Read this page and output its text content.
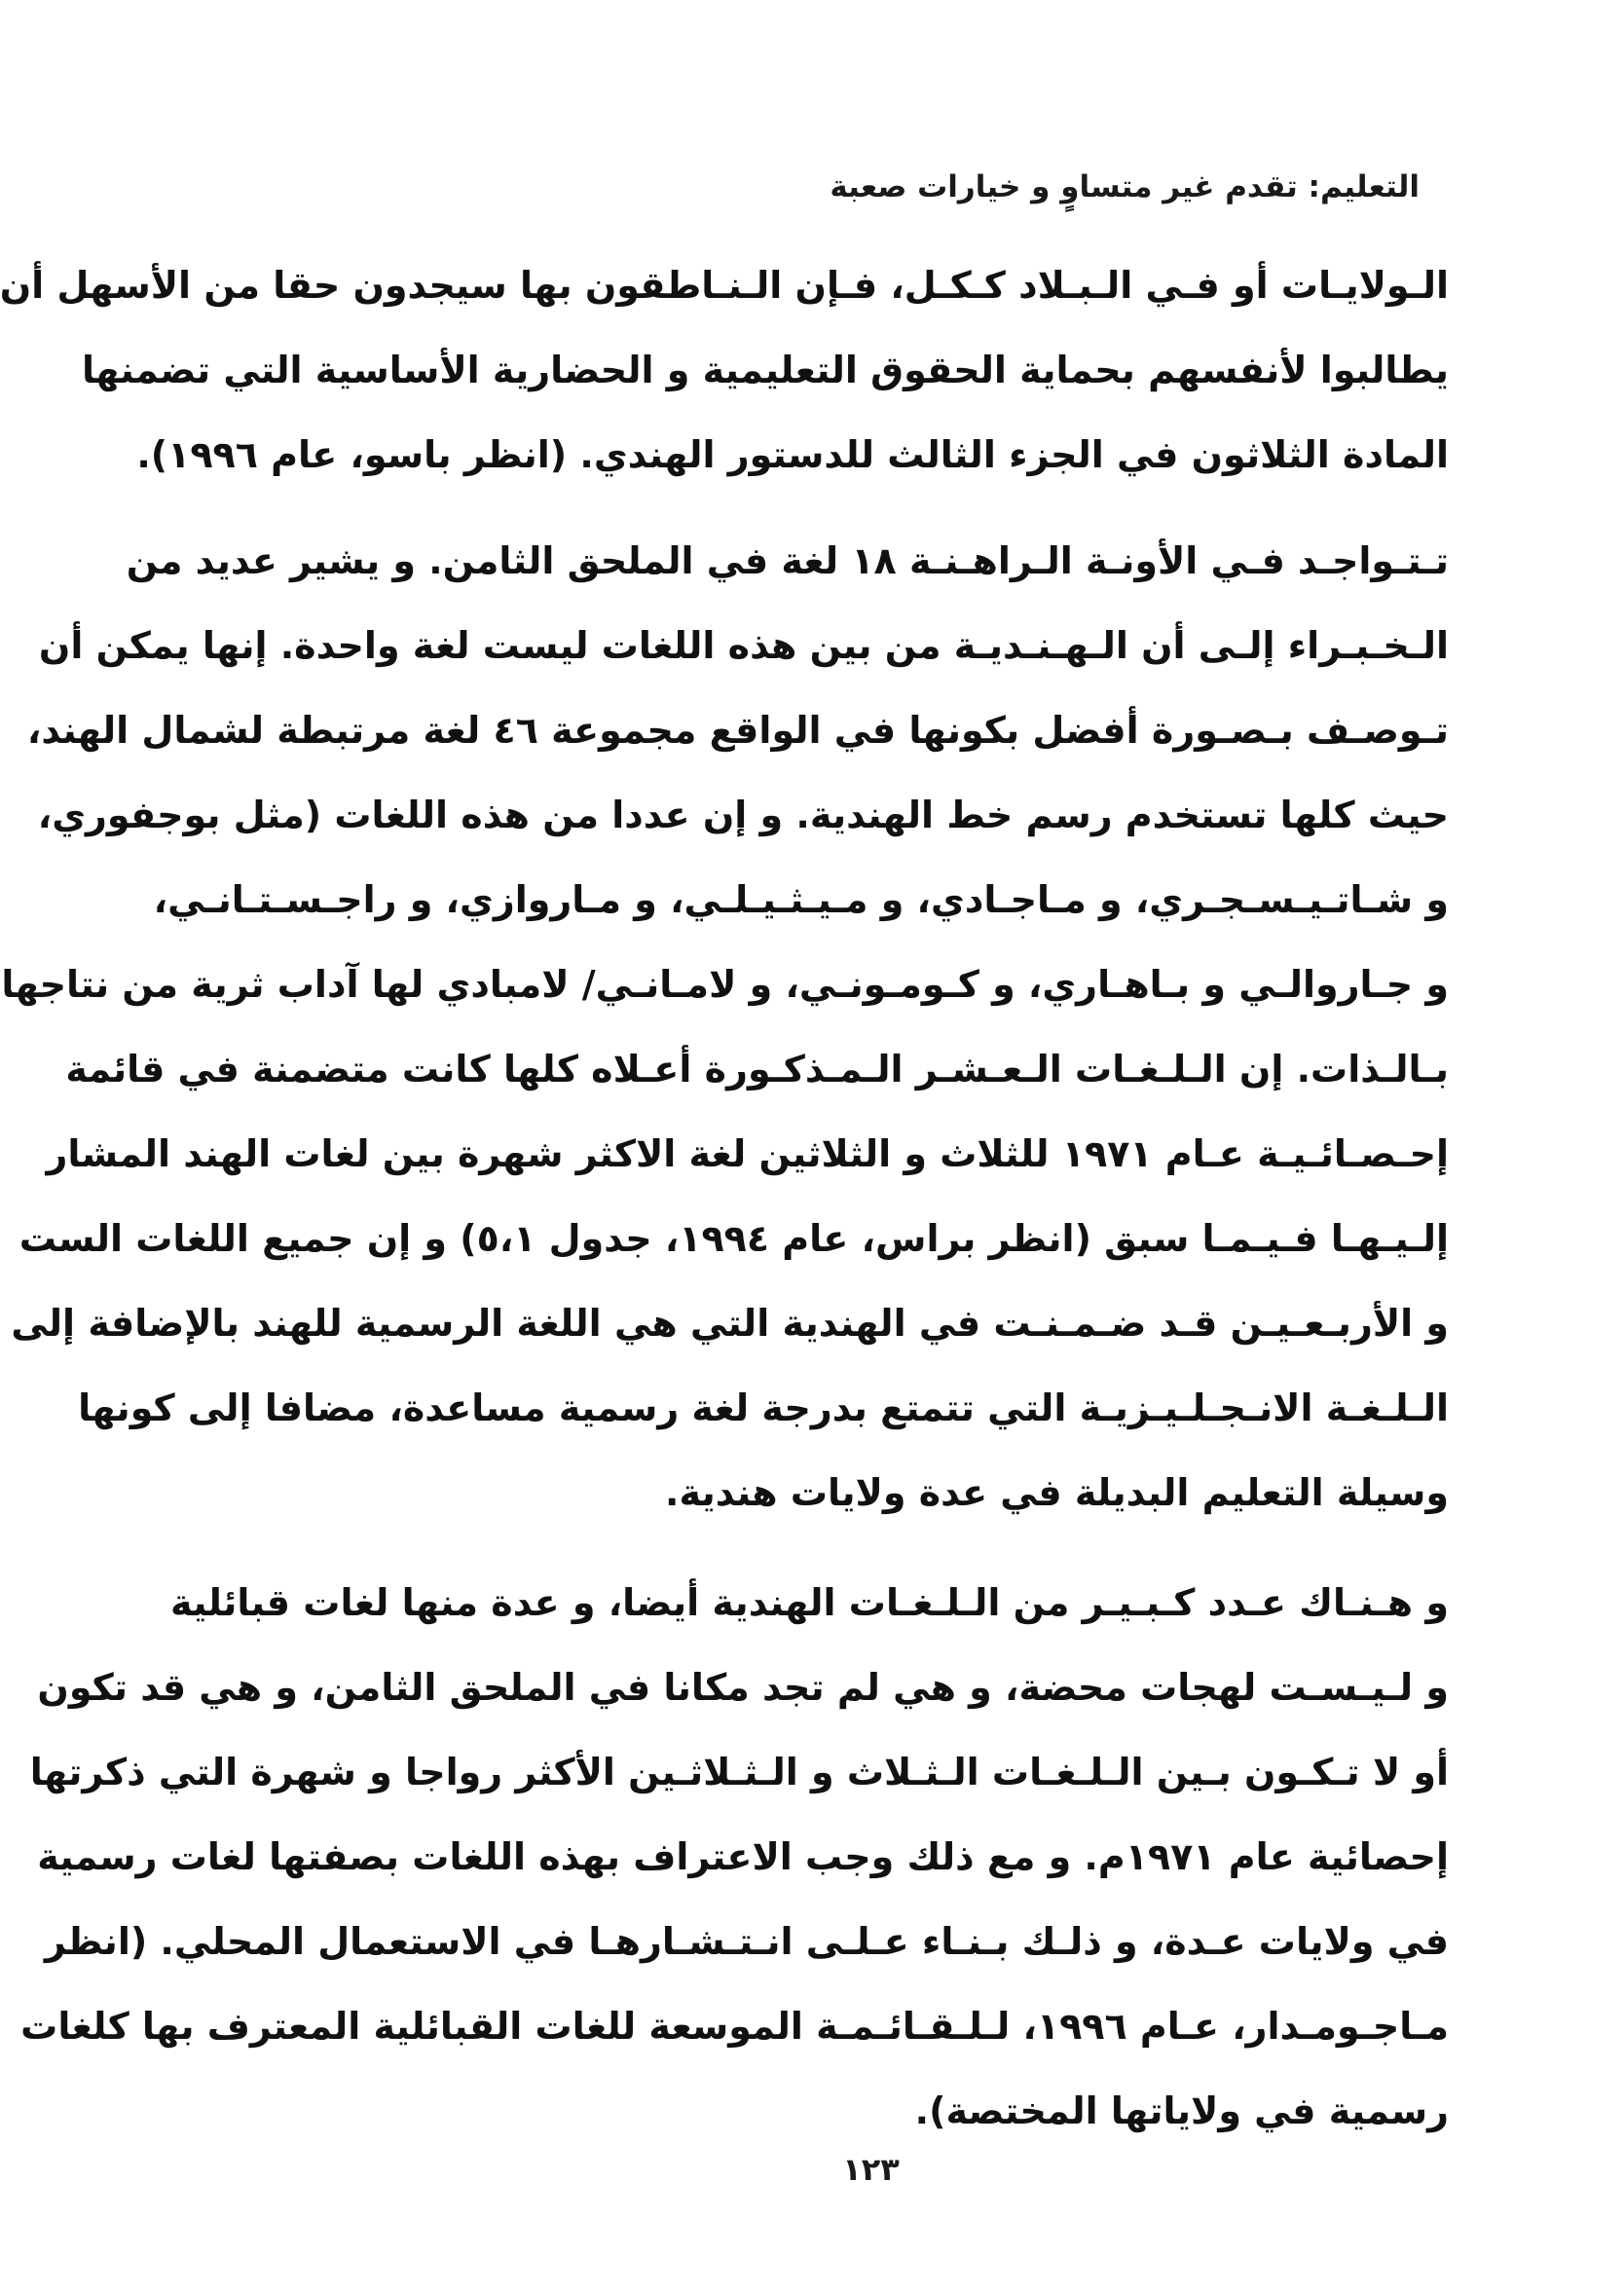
التعليم: تقدم غير متساوٍ و خيارات صعبة
الـولايـات أو فـي الـبـلاد كـكـل، فـإن الـنـاطقون بها سيجدون حقا من الأسهل أن
يطالبوا لأنفسهم بحماية الحقوق التعليمية و الحضارية الأساسية التي تضمنها
المادة الثلاثون في الجزء الثالث للدستور الهندي. (انظر باسو، عام ١٩٩٦).
تـتـواجـد فـي الأونـة الـراهـنـة ١٨ لغة في الملحق الثامن. و يشير عديد من
الـخـبـراء إلـى أن الـهـنـديـة من بين هذه اللغات ليست لغة واحدة. إنها يمكن أن
تـوصـف بـصـورة أفضل بكونها في الواقع مجموعة ٤٦ لغة مرتبطة لشمال الهند،
حيث كلها تستخدم رسم خط الهندية. و إن عددا من هذه اللغات (مثل بوجفوري،
و شـاتـيـسـجـري، و مـاجـادي، و مـيـثـيـلـي، و مـاروازي، و راجـسـتـانـي،
و جـاروالـي و بـاهـاري، و كـومـونـي، و لامـانـي/ لامبادي لها آداب ثرية من نتاجها
بـالـذات. إن الـلـغـات الـعـشـر الـمـذكـورة أعـلاه كلها كانت متضمنة في قائمة
إحـصـائـيـة عـام ١٩٧١ للثلاث و الثلاثين لغة الاكثر شهرة بين لغات الهند المشار
إلـيـهـا فـيـمـا سبق (انظر براس، عام ١٩٩٤، جدول ٥،١) و إن جميع اللغات الست
و الأربـعـيـن قـد ضـمـنـت في الهندية التي هي اللغة الرسمية للهند بالإضافة إلى
الـلـغـة الانـجـلـيـزيـة التي تتمتع بدرجة لغة رسمية مساعدة، مضافا إلى كونها
وسيلة التعليم البديلة في عدة ولايات هندية.
و هـنـاك عـدد كـبـيـر من الـلـغـات الهندية أيضا، و عدة منها لغات قبائلية
و لـيـسـت لهجات محضة، و هي لم تجد مكانا في الملحق الثامن، و هي قد تكون
أو لا تـكـون بـين الـلـغـات الـثـلاث و الـثـلاثـين الأكثر رواجا و شهرة التي ذكرتها
إحصائية عام ١٩٧١م. و مع ذلك وجب الاعتراف بهذه اللغات بصفتها لغات رسمية
في ولايات عـدة، و ذلـك بـنـاء عـلـى انـتـشـارهـا في الاستعمال المحلي. (انظر
مـاجـومـدار، عـام ١٩٩٦، لـلـقـائـمـة الموسعة للغات القبائلية المعترف بها كلغات
رسمية في ولاياتها المختصة).
١٢٣
